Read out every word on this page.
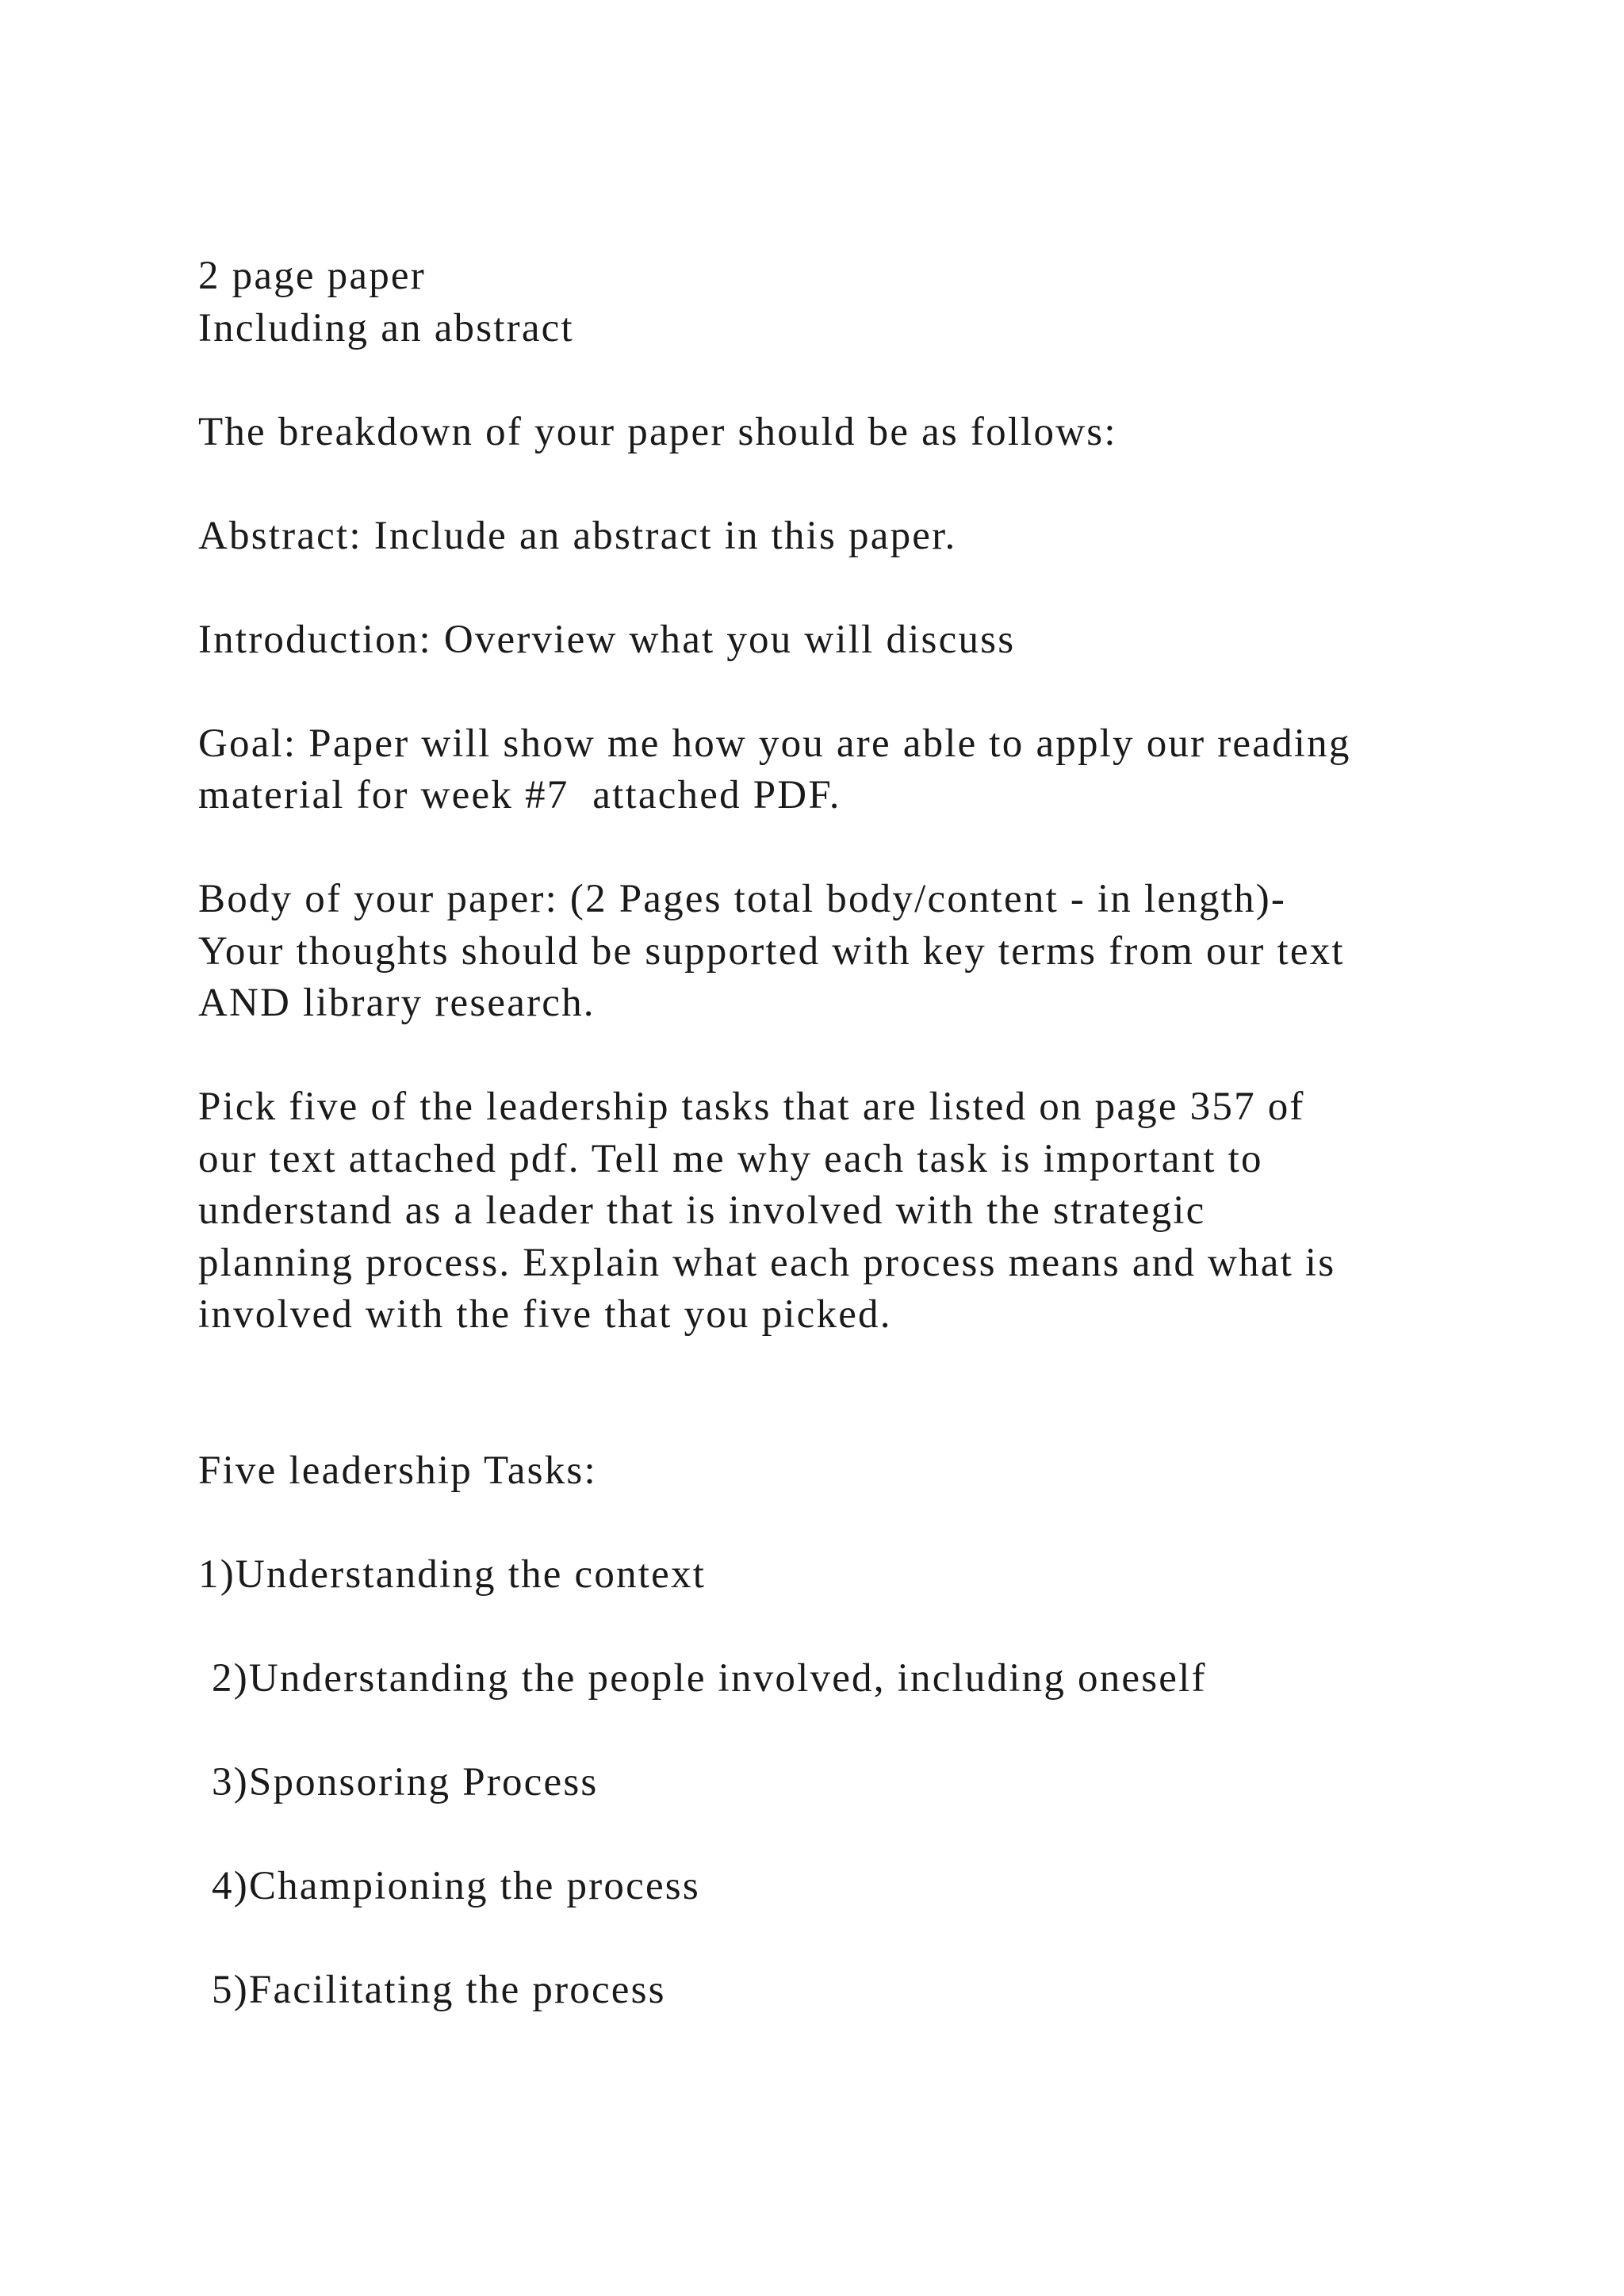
2 page paper
Including an abstract
The breakdown of your paper should be as follows:
Abstract: Include an abstract in this paper.
Introduction: Overview what you will discuss
Goal: Paper will show me how you are able to apply our reading
material for week #7  attached PDF.
Body of your paper: (2 Pages total body/content - in length)-
Your thoughts should be supported with key terms from our text
AND library research.
Pick five of the leadership tasks that are listed on page 357 of
our text attached pdf. Tell me why each task is important to
understand as a leader that is involved with the strategic
planning process. Explain what each process means and what is
involved with the five that you picked.
Five leadership Tasks:
1)Understanding the context
2)Understanding the people involved, including oneself
3)Sponsoring Process
4)Championing the process
5)Facilitating the process
